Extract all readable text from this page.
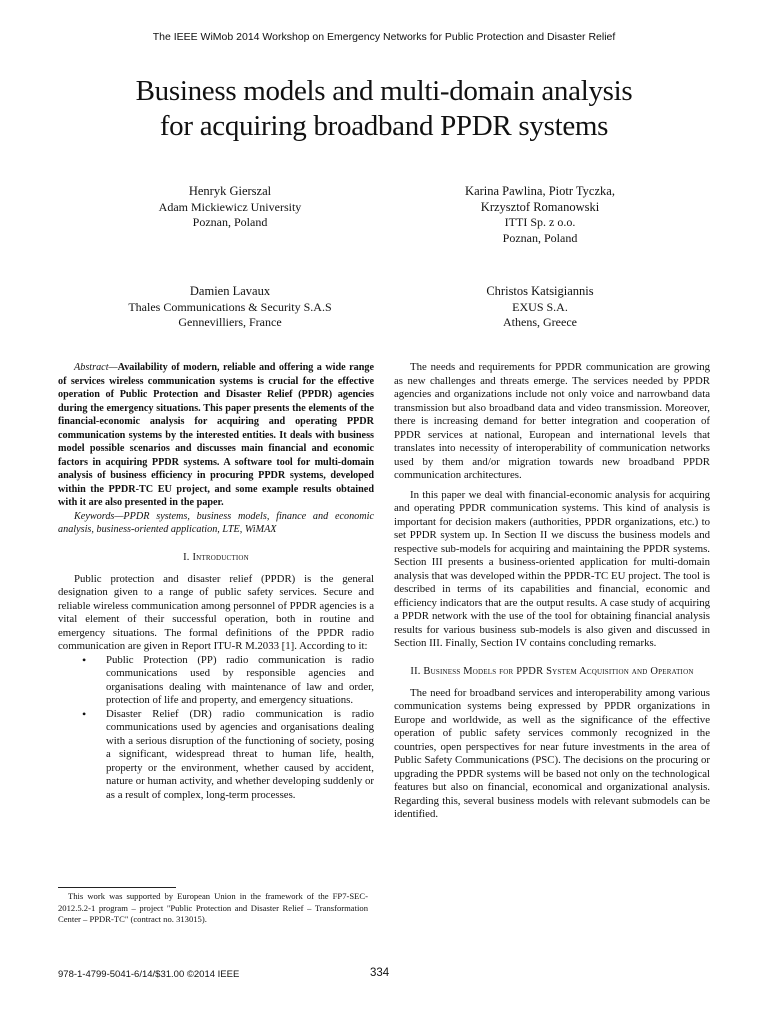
The IEEE WiMob 2014 Workshop on Emergency Networks for Public Protection and Disaster Relief
Business models and multi-domain analysis
for acquiring broadband PPDR systems
Henryk Gierszal
Adam Mickiewicz University
Poznan, Poland
Karina Pawlina, Piotr Tyczka,
Krzysztof Romanowski
ITTI Sp. z o.o.
Poznan, Poland
Damien Lavaux
Thales Communications & Security S.A.S
Gennevilliers, France
Christos Katsigiannis
EXUS S.A.
Athens, Greece

Abstract—Availability of modern, reliable and offering a wide range of services wireless communication systems is crucial for the effective operation of Public Protection and Disaster Relief (PPDR) agencies during the emergency situations. This paper presents the elements of the financial-economic analysis for acquiring and operating PPDR communication systems by the interested entities. It deals with business model possible scenarios and discusses main financial and economic factors in acquiring PPDR systems. A software tool for multi-domain analysis of business efficiency in procuring PPDR systems, developed within the PPDR-TC EU project, and some example results obtained with it are also presented in the paper.

Keywords—PPDR systems, business models, finance and economic analysis, business-oriented application, LTE, WiMAX

I. Introduction

Public protection and disaster relief (PPDR) is the general designation given to a range of public safety services. Secure and reliable wireless communication among personnel of PPDR agencies is a vital element of their successful operation, both in routine and emergency situations. The formal definitions of the PPDR radio communication are given in Report ITU-R M.2033 [1]. According to it:

• Public Protection (PP) radio communication is radio communications used by responsible agencies and organisations dealing with maintenance of law and order, protection of life and property, and emergency situations.
• Disaster Relief (DR) radio communication is radio communications used by agencies and organisations dealing with a serious disruption of the functioning of society, posing a significant, widespread threat to human life, health, property or the environment, whether caused by accident, nature or human activity, and whether developing suddenly or as a result of complex, long-term processes.
This work was supported by European Union in the framework of the FP7-SEC-2012.5.2-1 program – project "Public Protection and Disaster Relief – Transformation Center – PPDR-TC" (contract no. 313015).

The needs and requirements for PPDR communication are growing as new challenges and threats emerge. The services needed by PPDR agencies and organizations include not only voice and narrowband data transmission but also broadband data and video transmission. Moreover, there is increasing demand for better integration and cooperation of PPDR services at national, European and international levels that translates into necessity of interoperability of communication networks used by them and/or migration towards new broadband PPDR communication architectures.

In this paper we deal with financial-economic analysis for acquiring and operating PPDR communication systems. This kind of analysis is important for decision makers (authorities, PPDR organizations, etc.) to set PPDR system up. In Section II we discuss the business models and respective sub-models for acquiring and maintaining the PPDR systems. Section III presents a business-oriented application for multi-domain analysis that was developed within the PPDR-TC EU project. The tool is described in terms of its capabilities and financial, economic and efficiency indicators that are the output results. A case study of acquiring a PPDR network with the use of the tool for obtaining financial analysis results for various business sub-models is also given and discussed in Section III. Finally, Section IV contains concluding remarks.

II. Business Models for PPDR System Acquisition and Operation

The need for broadband services and interoperability among various communication systems being expressed by PPDR organizations in Europe and worldwide, as well as the significance of the effective operation of public safety services commonly recognized in the countries, open perspectives for near future investments in the area of Public Safety Communications (PSC). The decisions on the procuring or upgrading the PPDR systems will be based not only on the technological features but also on financial, economical and organizational analysis. Regarding this, several business models with relevant submodels can be identified.

978-1-4799-5041-6/14/$31.00 ©2014 IEEE	334
